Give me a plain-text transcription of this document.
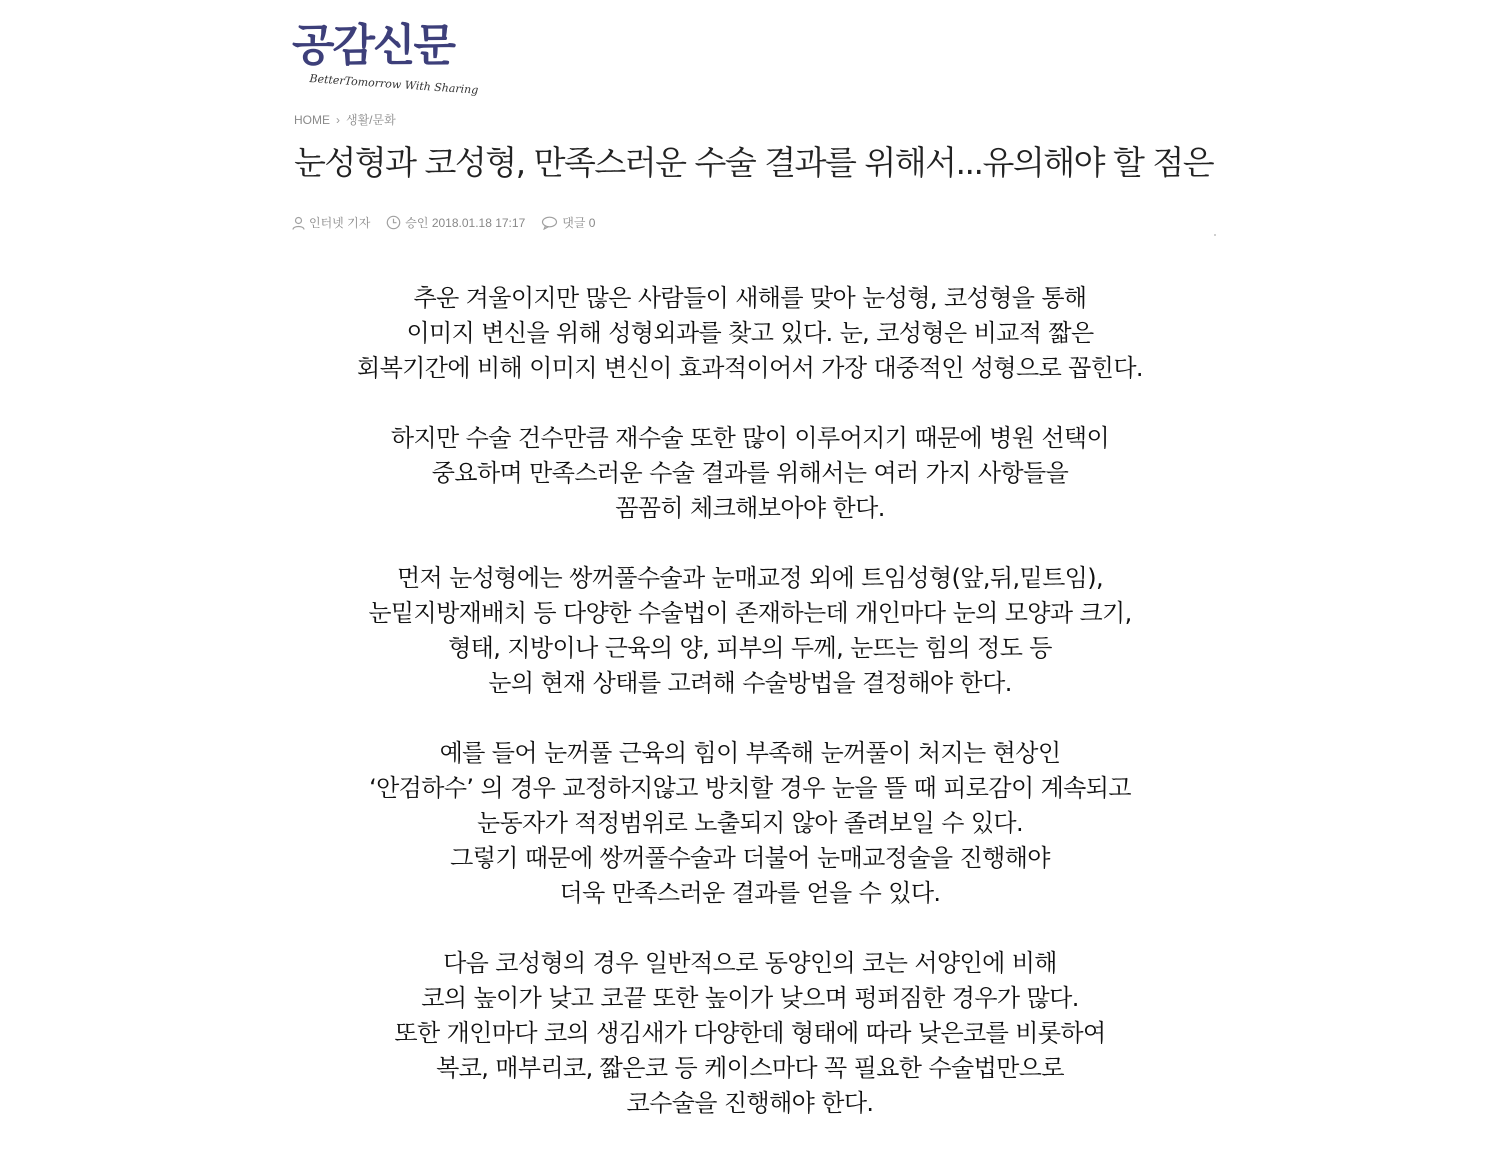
공감신문
BetterTomorrow With Sharing
HOME › 생활/문화
눈성형과 코성형, 만족스러운 수술 결과를 위해서...유의해야 할 점은
인터넷 기자	승인 2018.01.18 17:17	댓글 0

추운 겨울이지만 많은 사람들이 새해를 맞아 눈성형, 코성형을 통해
이미지 변신을 위해 성형외과를 찾고 있다. 눈, 코성형은 비교적 짧은
회복기간에 비해 이미지 변신이 효과적이어서 가장 대중적인 성형으로 꼽힌다.

하지만 수술 건수만큼 재수술 또한 많이 이루어지기 때문에 병원 선택이
중요하며 만족스러운 수술 결과를 위해서는 여러 가지 사항들을
꼼꼼히 체크해보아야 한다.

먼저 눈성형에는 쌍꺼풀수술과 눈매교정 외에 트임성형(앞,뒤,밑트임),
눈밑지방재배치 등 다양한 수술법이 존재하는데 개인마다 눈의 모양과 크기,
형태, 지방이나 근육의 양, 피부의 두께, 눈뜨는 힘의 정도 등
눈의 현재 상태를 고려해 수술방법을 결정해야 한다.

예를 들어 눈꺼풀 근육의 힘이 부족해 눈꺼풀이 처지는 현상인
‘안검하수’ 의 경우 교정하지않고 방치할 경우 눈을 뜰 때 피로감이 계속되고
눈동자가 적정범위로 노출되지 않아 졸려보일 수 있다.
그렇기 때문에 쌍꺼풀수술과 더불어 눈매교정술을 진행해야
더욱 만족스러운 결과를 얻을 수 있다.

다음 코성형의 경우 일반적으로 동양인의 코는 서양인에 비해
코의 높이가 낮고 코끝 또한 높이가 낮으며 펑퍼짐한 경우가 많다.
또한 개인마다 코의 생김새가 다양한데 형태에 따라 낮은코를 비롯하여
복코, 매부리코, 짧은코 등 케이스마다 꼭 필요한 수술법만으로
코수술을 진행해야 한다.
